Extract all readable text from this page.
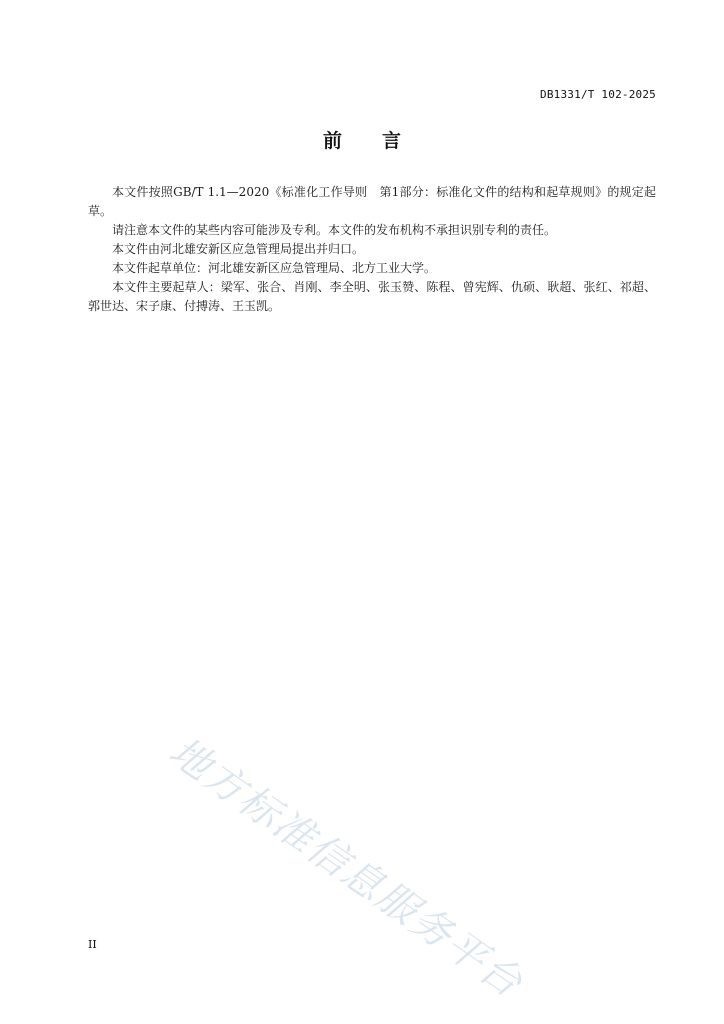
DB1331/T 102-2025
前言

本文件按照GB/T 1.1—2020《标准化工作导则　第1部分：标准化文件的结构和起草规则》的规定起草。

请注意本文件的某些内容可能涉及专利。本文件的发布机构不承担识别专利的责任。

本文件由河北雄安新区应急管理局提出并归口。

本文件起草单位：河北雄安新区应急管理局、北方工业大学。

本文件主要起草人：梁军、张合、肖刚、李全明、张玉赞、陈程、曾宪辉、仇硕、耿超、张红、祁超、郭世达、宋子康、付搏涛、王玉凯。

地方标准信息服务平台
II
